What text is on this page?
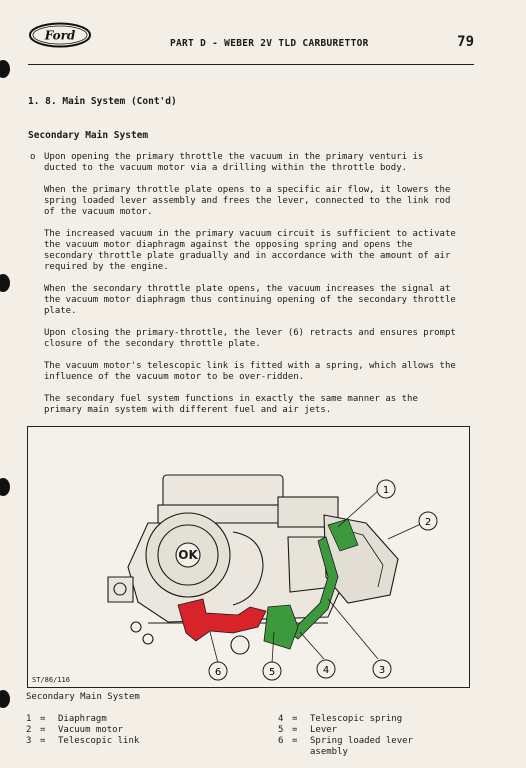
Ford
PART D - WEBER 2V TLD CARBURETTOR	79
1. 8. Main System (Cont'd)
Secondary Main System
o Upon opening the primary throttle the vacuum in the primary venturi is
ducted to the vacuum motor via a drilling within the throttle body.

When the primary throttle plate opens to a specific air flow, it lowers the
spring loaded lever assembly and frees the lever, connected to the link rod
of the vacuum motor.

The increased vacuum in the primary vacuum circuit is sufficient to activate
the vacuum motor diaphragm against the opposing spring and opens the
secondary throttle plate gradually and in accordance with the amount of air
required by the engine.

When the secondary throttle plate opens, the vacuum increases the signal at
the vacuum motor diaphragm thus continuing opening of the secondary throttle
plate.

Upon closing the primary-throttle, the lever (6) retracts and ensures prompt
closure of the secondary throttle plate.

The vacuum motor's telescopic link is fitted with a spring, which allows the
influence of the vacuum motor to be over-ridden.

The secondary fuel system functions in exactly the same manner as the
primary main system with different fuel and air jets.

OK
1
2
3
4
5
6
ST/86/116
Secondary Main System
1 = Diaphragm
2 = Vacuum motor
3 = Telescopic link
4 = Telescopic spring
5 = Lever
6 =	Spring loaded lever
asembly
